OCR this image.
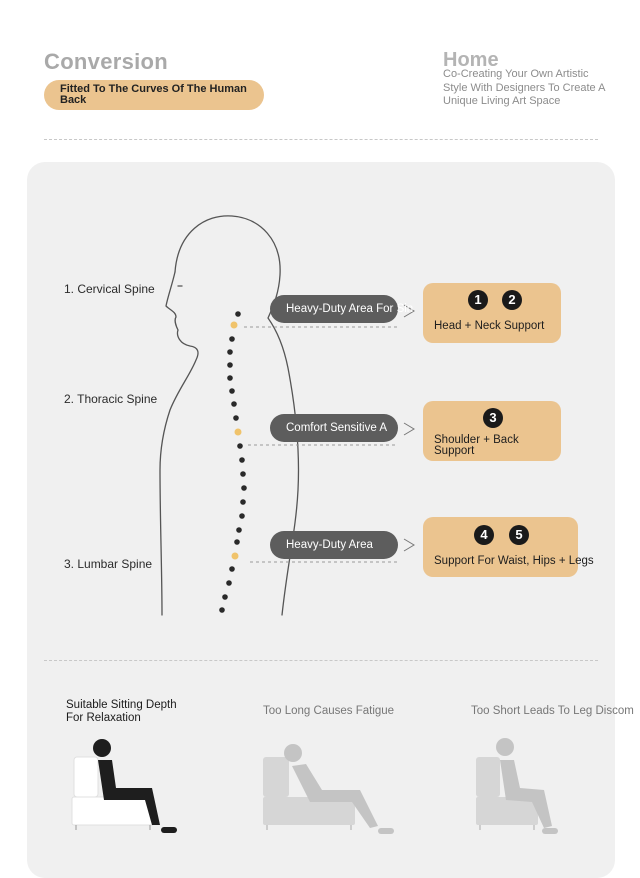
Conversion
Fitted To The Curves Of The Human Back
Home
Co-Creating Your Own Artistic Style With Designers To Create A Unique Living Art Space
1. Cervical Spine
2. Thoracic Spine
3. Lumbar Spine
Heavy-Duty Area For Sin
Comfort Sensitive A
Heavy-Duty Area
1	2
Head + Neck Support
3
Shoulder + Back Support
4	5
Support For Waist, Hips + Legs
Suitable Sitting Depth For Relaxation
Too Long Causes Fatigue	Too Short Leads To Leg Discom
